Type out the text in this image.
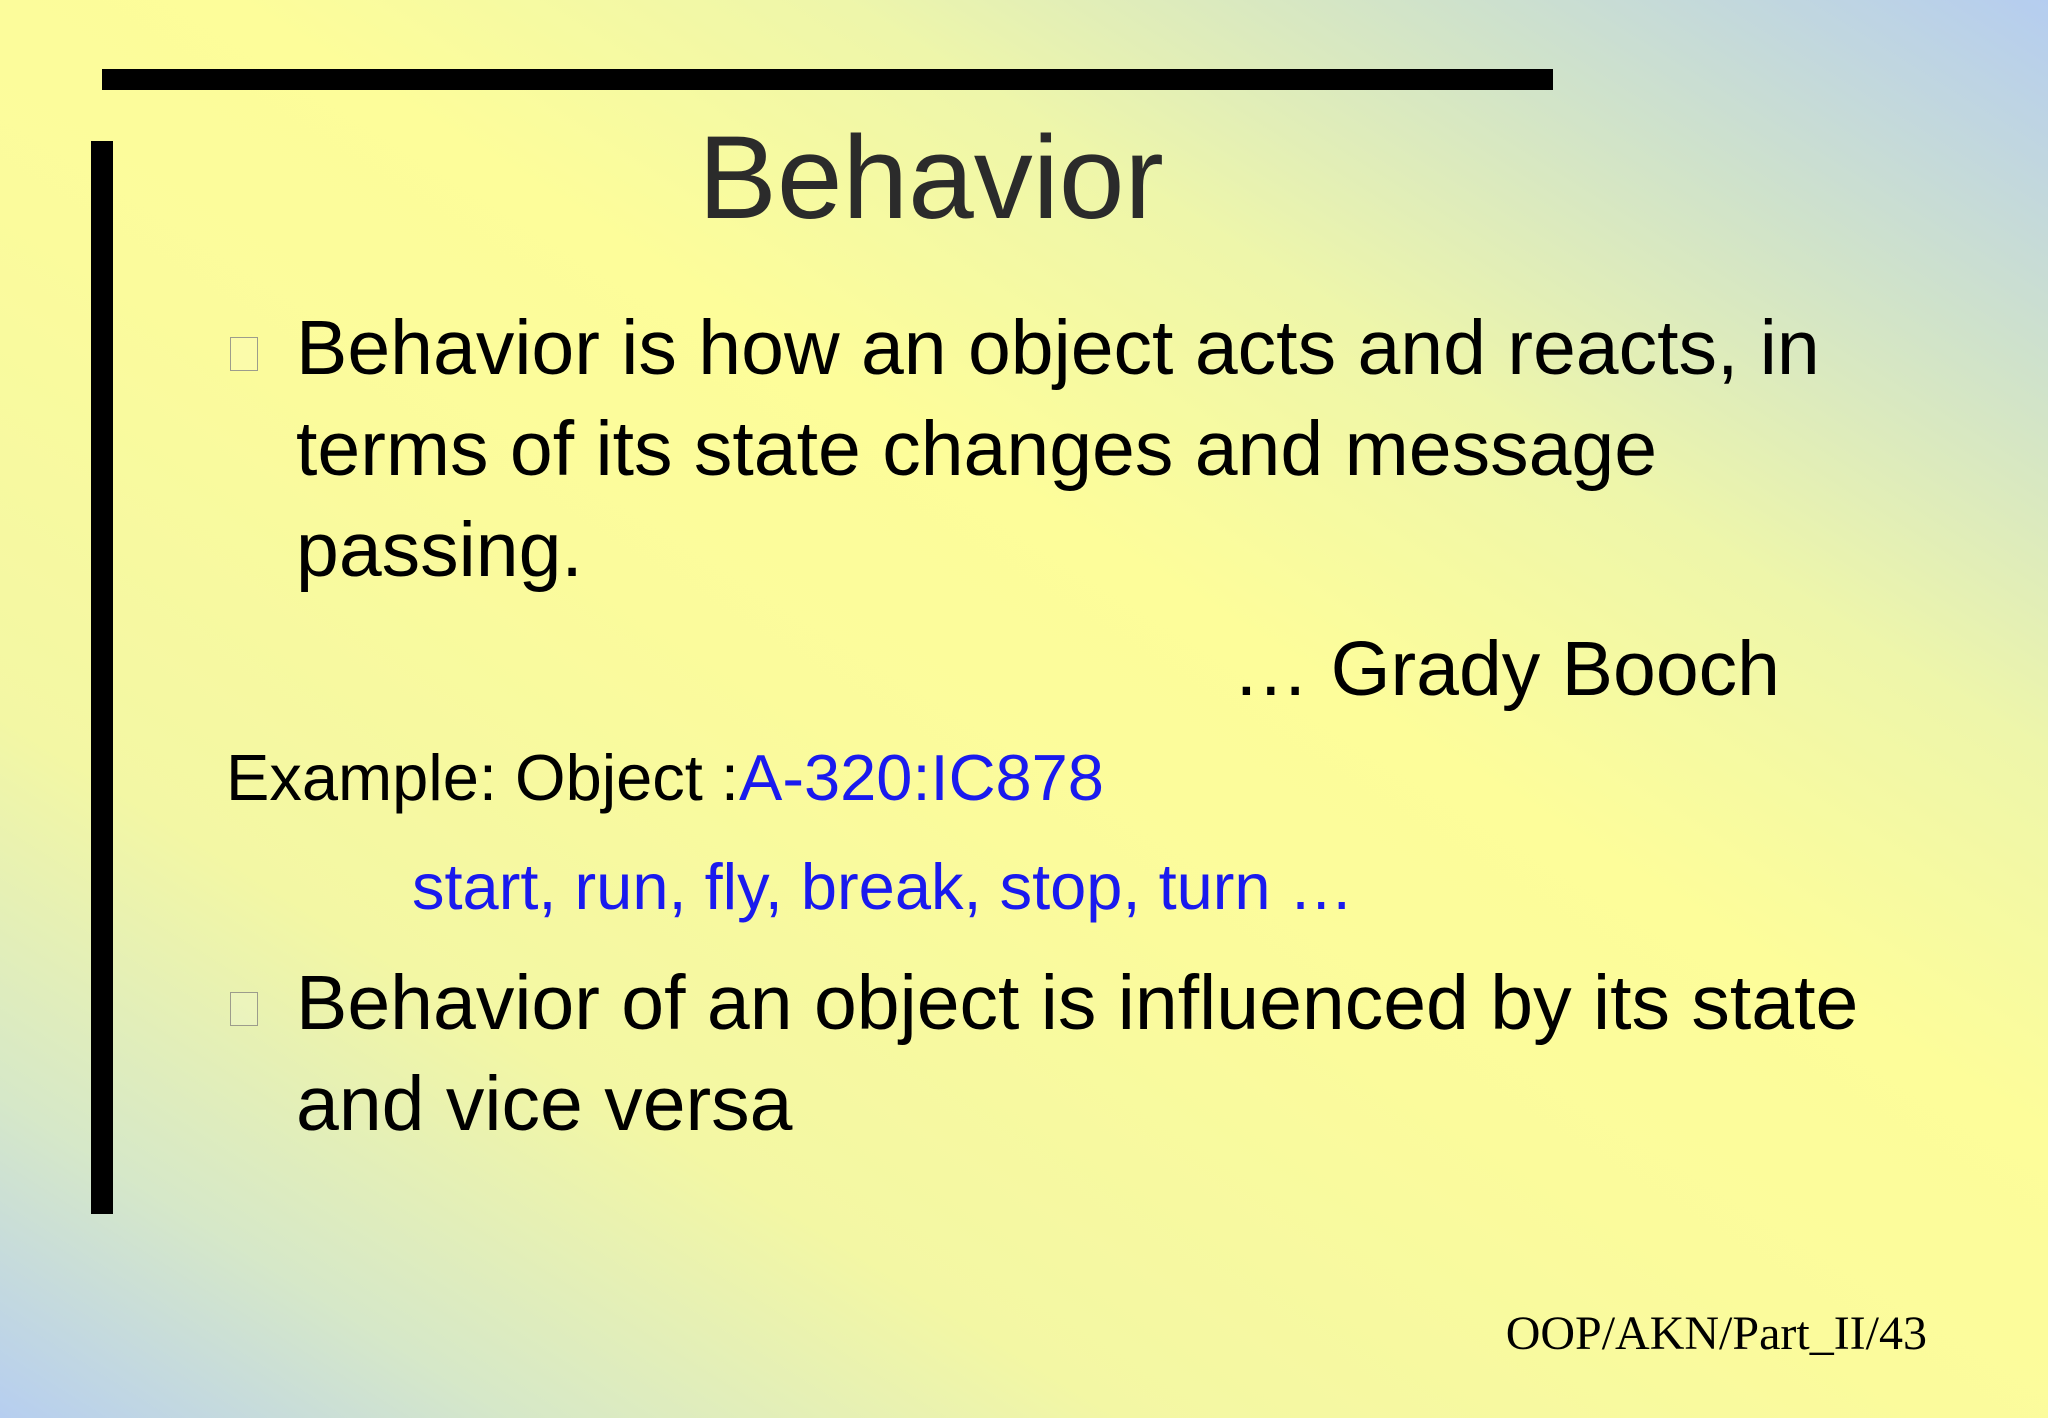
Behavior
Behavior is how an object acts and reacts, in terms of its state changes and message passing.
… Grady Booch
Example: Object :A-320:IC878
start, run, fly, break, stop, turn …
Behavior of an object is influenced by its state and vice versa
OOP/AKN/Part_II/43
